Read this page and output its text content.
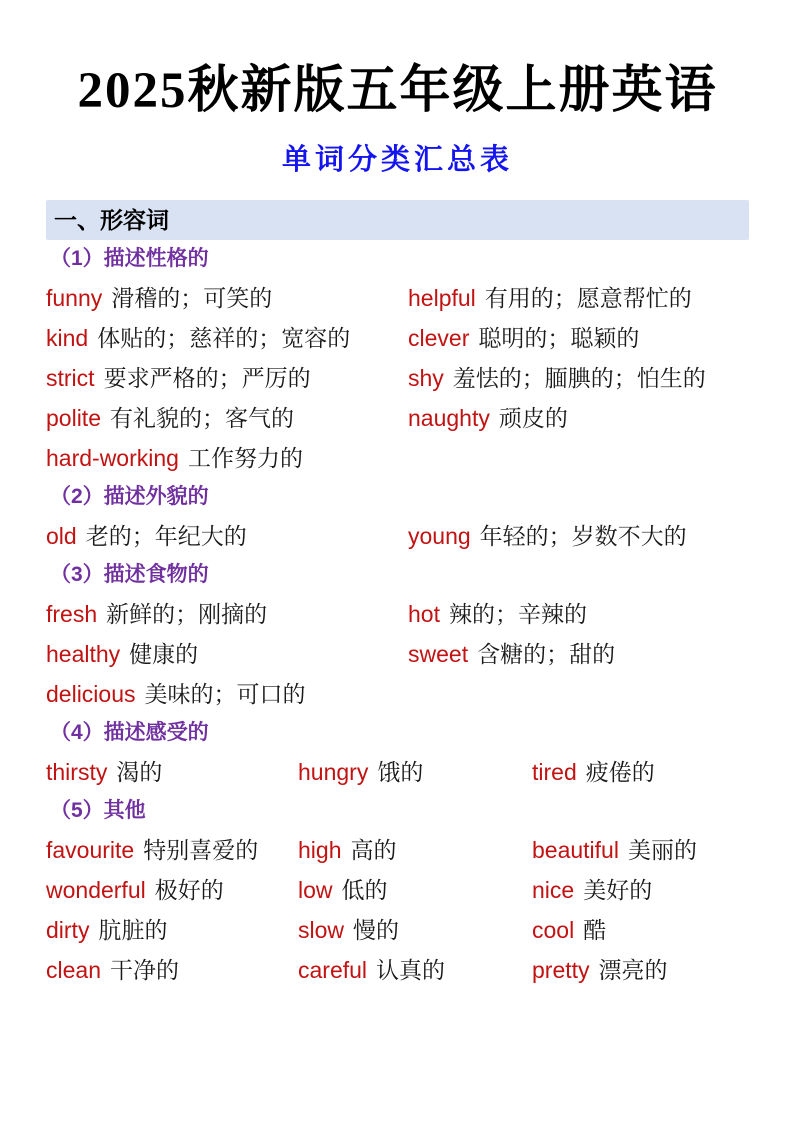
2025秋新版五年级上册英语
单词分类汇总表
一、形容词
（1）描述性格的
funny 滑稽的；可笑的	helpful 有用的；愿意帮忙的
kind 体贴的；慈祥的；宽容的	clever 聪明的；聪颖的
strict 要求严格的；严厉的	shy 羞怯的；腼腆的；怕生的
polite 有礼貌的；客气的	naughty 顽皮的
hard-working 工作努力的
（2）描述外貌的
old 老的；年纪大的	young 年轻的；岁数不大的
（3）描述食物的
fresh 新鲜的；刚摘的	hot 辣的；辛辣的
healthy 健康的	sweet 含糖的；甜的
delicious 美味的；可口的
（4）描述感受的
thirsty 渴的	hungry 饿的	tired 疲倦的
（5）其他
favourite 特别喜爱的	high 高的	beautiful 美丽的
wonderful 极好的	low 低的	nice 美好的
dirty 肮脏的	slow 慢的	cool 酷
clean 干净的	careful 认真的	pretty 漂亮的
